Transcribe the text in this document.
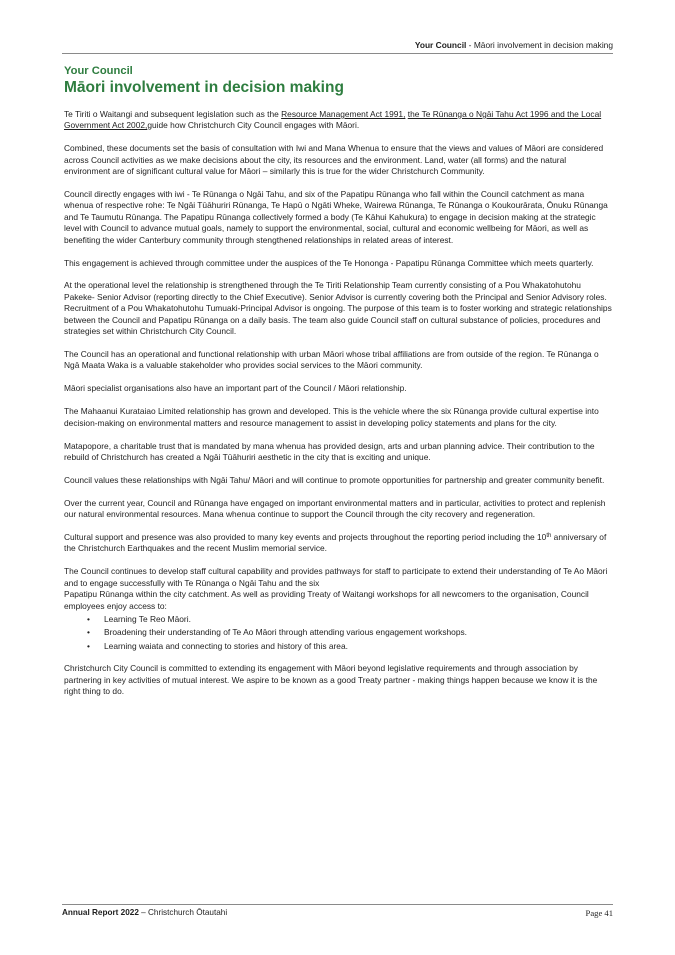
Your Council - Māori involvement in decision making
Your Council
Māori involvement in decision making

Te Tiriti o Waitangi and subsequent legislation such as the Resource Management Act 1991, the Te Rūnanga o Ngāi Tahu Act 1996 and the Local Government Act 2002,guide how Christchurch City Council engages with Māori.

Combined, these documents set the basis of consultation with Iwi and Mana Whenua to ensure that the views and values of Māori are considered across Council activities as we make decisions about the city, its resources and the environment. Land, water (all forms) and the natural environment are of significant cultural value for Māori – similarly this is true for the wider Christchurch Community.

Council directly engages with iwi - Te Rūnanga o Ngāi Tahu, and six of the Papatipu Rūnanga who fall within the Council catchment as mana whenua of respective rohe: Te Ngāi Tūāhuriri Rūnanga, Te Hapū o Ngāti Wheke, Wairewa Rūnanga, Te Rūnanga o Koukourārata, Ōnuku Rūnanga and Te Taumutu Rūnanga. The Papatipu Rūnanga collectively formed a body (Te Kāhui Kahukura) to engage in decision making at the strategic level with Council to advance mutual goals, namely to support the environmental, social, cultural and economic wellbeing for Māori, as well as benefiting the wider Canterbury community through stengthened relationships in related areas of interest.

This engagement is achieved through committee under the auspices of the Te Hononga - Papatipu Rūnanga Committee which meets quarterly.

At the operational level the relationship is strengthened through the Te Tiriti Relationship Team currently consisting of a Pou Whakatohutohu Pakeke- Senior Advisor (reporting directly to the Chief Executive). Senior Advisor is currently covering both the Principal and Senior Advisory roles. Recruitment of a Pou Whakatohutohu Tumuaki-Principal Advisor is ongoing. The purpose of this team is to foster working and strategic relationships between the Council and Papatipu Rūnanga on a daily basis. The team also guide Council staff on cultural substance of policies, procedures and strategies set within Christchurch City Council.

The Council has an operational and functional relationship with urban Māori whose tribal affiliations are from outside of the region. Te Rūnanga o Ngā Maata Waka is a valuable stakeholder who provides social services to the Māori community.

Māori specialist organisations also have an important part of the Council / Māori relationship.

The Mahaanui Kurataiao Limited relationship has grown and developed. This is the vehicle where the six Rūnanga provide cultural expertise into decision-making on environmental matters and resource management to assist in developing policy statements and plans for the city.

Matapopore, a charitable trust that is mandated by mana whenua has provided design, arts and urban planning advice. Their contribution to the rebuild of Christchurch has created a Ngāi Tūāhuriri aesthetic in the city that is exciting and unique.

Council values these relationships with Ngāi Tahu/ Māori and will continue to promote opportunities for partnership and greater community benefit.

Over the current year, Council and Rūnanga have engaged on important environmental matters and in particular, activities to protect and replenish our natural environmental resources. Mana whenua continue to support the Council through the city recovery and regeneration.

Cultural support and presence was also provided to many key events and projects throughout the reporting period including the 10th anniversary of the Christchurch Earthquakes and the recent Muslim memorial service.

The Council continues to develop staff cultural capability and provides pathways for staff to participate to extend their understanding of Te Ao Māori and to engage successfully with Te Rūnanga o Ngāi Tahu and the six
Papatipu Rūnanga within the city catchment. As well as providing Treaty of Waitangi workshops for all newcomers to the organisation, Council employees enjoy access to:

• Learning Te Reo Māori.
• Broadening their understanding of Te Ao Māori through attending various engagement workshops.
• Learning waiata and connecting to stories and history of this area.

Christchurch City Council is committed to extending its engagement with Māori beyond legislative requirements and through association by partnering in key activities of mutual interest. We aspire to be known as a good Treaty partner - making things happen because we know it is the right thing to do.

Annual Report 2022 – Christchurch Ōtautahi	Page 41
